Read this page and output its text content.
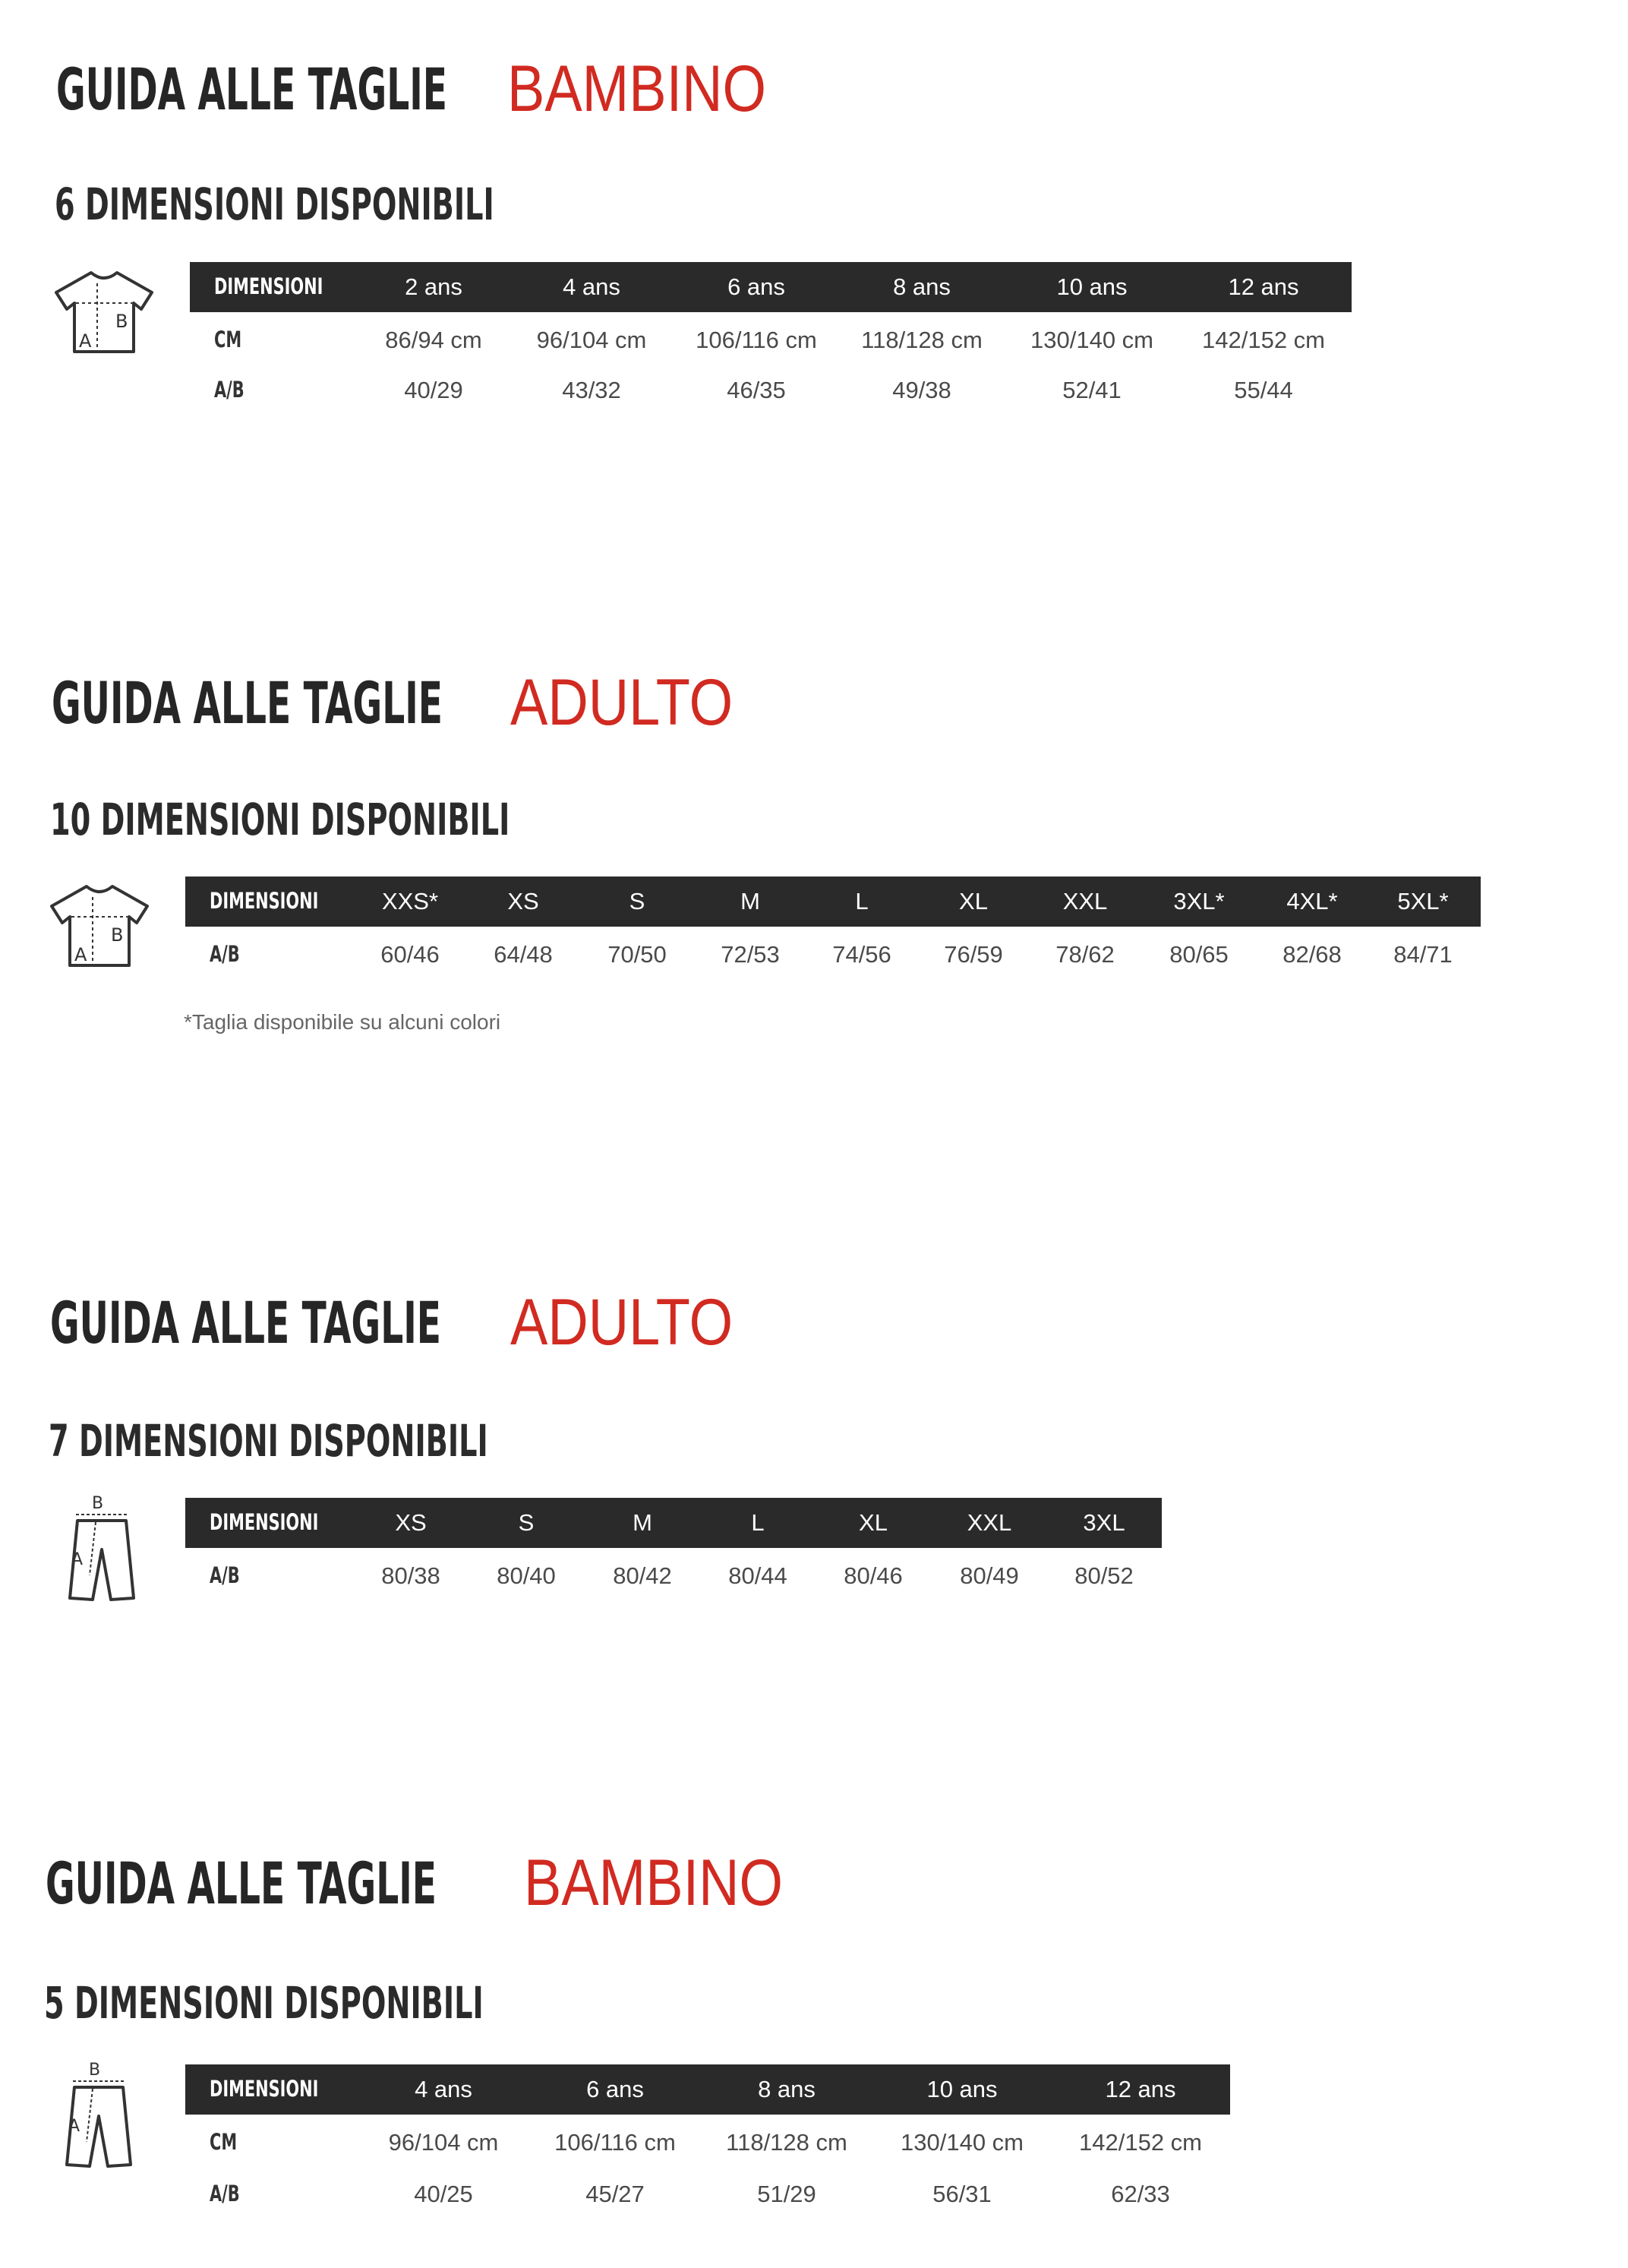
GUIDA ALLE TAGLIE BAMBINO
6 DIMENSIONI DISPONIBILI
A
B
DIMENSIONI	2 ans	4 ans	6 ans	8 ans	10 ans	12 ans
CM	86/94 cm 96/104 cm 106/116 cm 118/128 cm 130/140 cm 142/152 cm
A/B	40/29	43/32	46/35	49/38	52/41	55/44
GUIDA ALLE TAGLIE ADULTO
10 DIMENSIONI DISPONIBILI
A
B
DIMENSIONI	XXS*	XS	S	M	L	XL	XXL	3XL*	4XL*	5XL*
A/B	60/46 64/48 70/50 72/53 74/56 76/59 78/62 80/65 82/68 84/71
*Taglia disponibile su alcuni colori
GUIDA ALLE TAGLIE ADULTO
7 DIMENSIONI DISPONIBILI
B
A
DIMENSIONI	XS	S	M	L	XL	XXL	3XL
A/B	80/38 80/40 80/42 80/44 80/46 80/49 80/52
GUIDA ALLE TAGLIE BAMBINO
5 DIMENSIONI DISPONIBILI
B
A
DIMENSIONI	4 ans	6 ans	8 ans	10 ans	12 ans
CM	96/104 cm 106/116 cm 118/128 cm 130/140 cm 142/152 cm
A/B	40/25	45/27	51/29	56/31	62/33
